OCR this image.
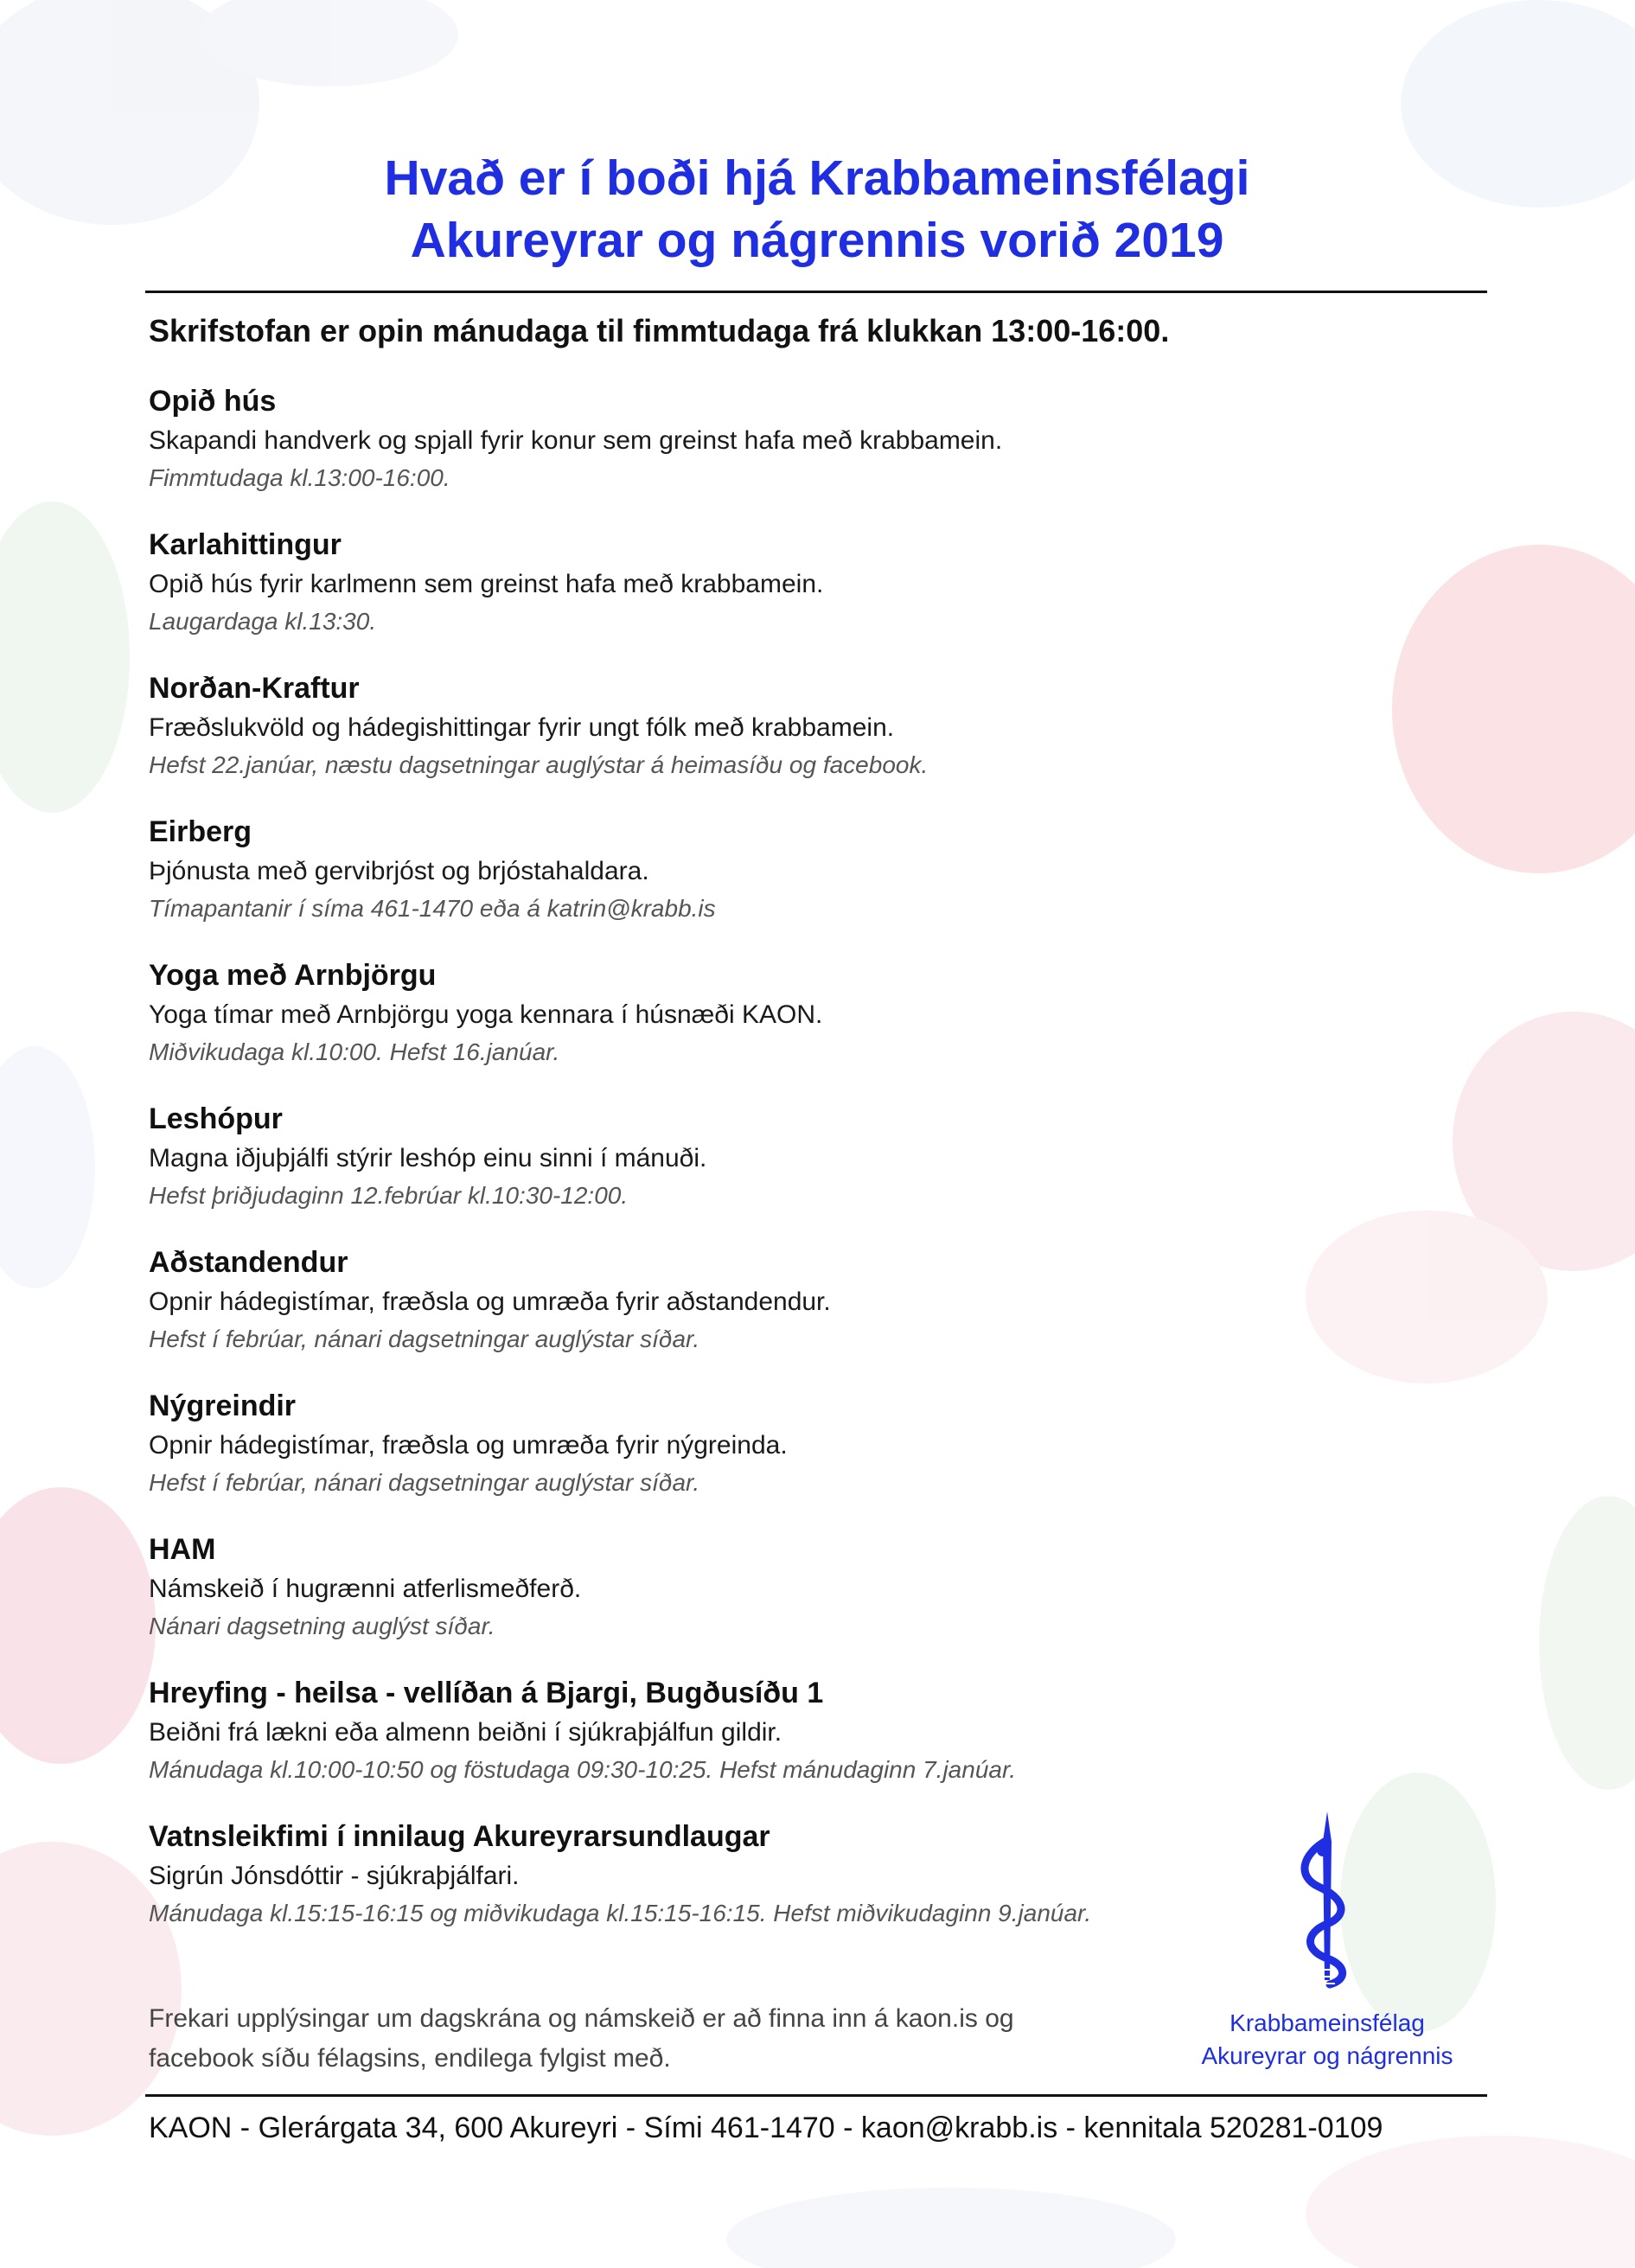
Hvað er í boði hjá Krabbameinsfélagi
Akureyrar og nágrennis vorið 2019

Skrifstofan er opin mánudaga til fimmtudaga frá klukkan 13:00-16:00.

Opið hús
Skapandi handverk og spjall fyrir konur sem greinst hafa með krabbamein.
Fimmtudaga kl.13:00-16:00.
Karlahittingur
Opið hús fyrir karlmenn sem greinst hafa með krabbamein.
Laugardaga kl.13:30.
Norðan-Kraftur
Fræðslukvöld og hádegishittingar fyrir ungt fólk með krabbamein.
Hefst 22.janúar, næstu dagsetningar auglýstar á heimasíðu og facebook.
Eirberg
Þjónusta með gervibrjóst og brjóstahaldara.
Tímapantanir í síma 461-1470 eða á katrin@krabb.is
Yoga með Arnbjörgu
Yoga tímar með Arnbjörgu yoga kennara í húsnæði KAON.
Miðvikudaga kl.10:00. Hefst 16.janúar.
Leshópur
Magna iðjuþjálfi stýrir leshóp einu sinni í mánuði.
Hefst þriðjudaginn 12.febrúar kl.10:30-12:00.
Aðstandendur
Opnir hádegistímar, fræðsla og umræða fyrir aðstandendur.
Hefst í febrúar, nánari dagsetningar auglýstar síðar.
Nýgreindir
Opnir hádegistímar, fræðsla og umræða fyrir nýgreinda.
Hefst í febrúar, nánari dagsetningar auglýstar síðar.
HAM
Námskeið í hugrænni atferlismeðferð.
Nánari dagsetning auglýst síðar.
Hreyfing - heilsa - vellíðan á Bjargi, Bugðusíðu 1
Beiðni frá lækni eða almenn beiðni í sjúkraþjálfun gildir.
Mánudaga kl.10:00-10:50 og föstudaga 09:30-10:25. Hefst mánudaginn 7.janúar.
Vatnsleikfimi í innilaug Akureyrarsundlaugar
Sigrún Jónsdóttir - sjúkraþjálfari.
Mánudaga kl.15:15-16:15 og miðvikudaga kl.15:15-16:15. Hefst miðvikudaginn 9.janúar.

Frekari upplýsingar um dagskrána og námskeið er að finna inn á kaon.is og
facebook síðu félagsins, endilega fylgist með.

Krabbameinsfélag
Akureyrar og nágrennis

KAON - Glerárgata 34, 600 Akureyri - Sími 461-1470 - kaon@krabb.is - kennitala 520281-0109
